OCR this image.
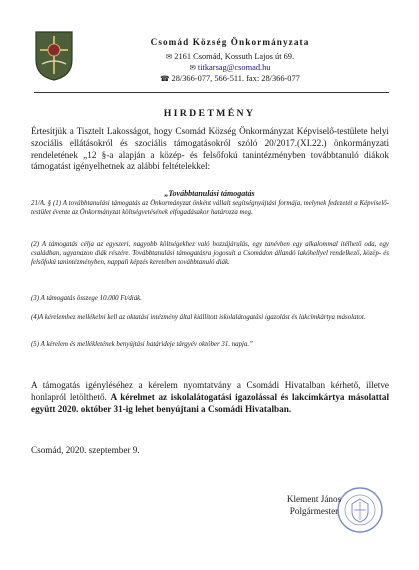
Csomád Község Önkormányzata
✉ 2161 Csomád, Kossuth Lajos út 69.
✉ titkarsag@csomad.hu
☎ 28/366-077, 566-511. fax: 28/366-077
HIRDETMÉNY

Értesítjük a Tisztelt Lakosságot, hogy Csomád Község Önkormányzat Képviselő-testülete helyi szociális ellátásokról és szociális támogatásokról szóló 20/2017.(XI.22.) önkormányzati rendeletének „12 §-a alapján a közép- és felsőfokú tanintézményben továbbtanuló diákok támogatást igényelhetnek az alábbi feltételekkel:

„Továbbtanulási támogatás

21/A. § (1) A továbbtanulási támogatás az Önkormányzat önként vállalt segítségnyújtási formája, melynek fedezetét a Képviselő-testület évente az Önkormányzat költségvetésének elfogadásakor határozza meg.

(2) A támogatás célja az egyszeri, nagyobb költségekhez való hozzájárulás, egy tanévben egy alkalommal ítélhető oda, egy családban, ugyanazon diák részére. Továbbtanulási támogatásra jogosult a Csomádon állandó lakóhellyel rendelkező, közép- és felsőfokú tanintézményben, nappali képzés keretében továbbtanuló diák.

(3) A támogatás összege 10.000 Ft/diák.

(4)A kérelemhez mellékelni kell az oktatási intézmény által kiállított iskolalátogatási igazolást és lakcímkártya másolatot.

(5) A kérelem és mellékletének benyújtási határideje tárgyév október 31. napja.”

A támogatás igényléséhez a kérelem nyomtatvány a Csomádi Hivatalban kérhető, illetve honlapról letölthető. A kérelmet az iskolalátogatási igazolással és lakcímkártya másolattal együtt 2020. október 31-ig lehet benyújtani a Csomádi Hivatalban.

Csomád, 2020. szeptember 9.
Klement János
Polgármester
